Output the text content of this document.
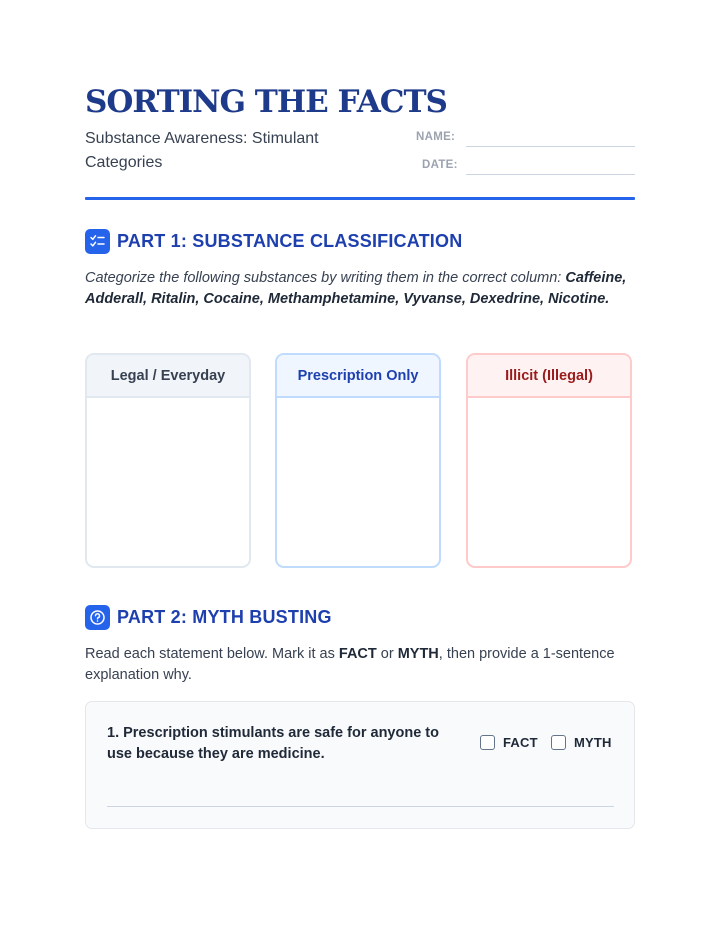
SORTING THE FACTS
Substance Awareness: Stimulant Categories
NAME:
DATE:
PART 1: SUBSTANCE CLASSIFICATION
Categorize the following substances by writing them in the correct column: Caffeine, Adderall, Ritalin, Cocaine, Methamphetamine, Vyvanse, Dexedrine, Nicotine.
Legal / Everyday	Prescription Only	Illicit (Illegal)
PART 2: MYTH BUSTING
Read each statement below. Mark it as FACT or MYTH, then provide a 1-sentence explanation why.
1. Prescription stimulants are safe for anyone to use because they are medicine.
FACT	MYTH
